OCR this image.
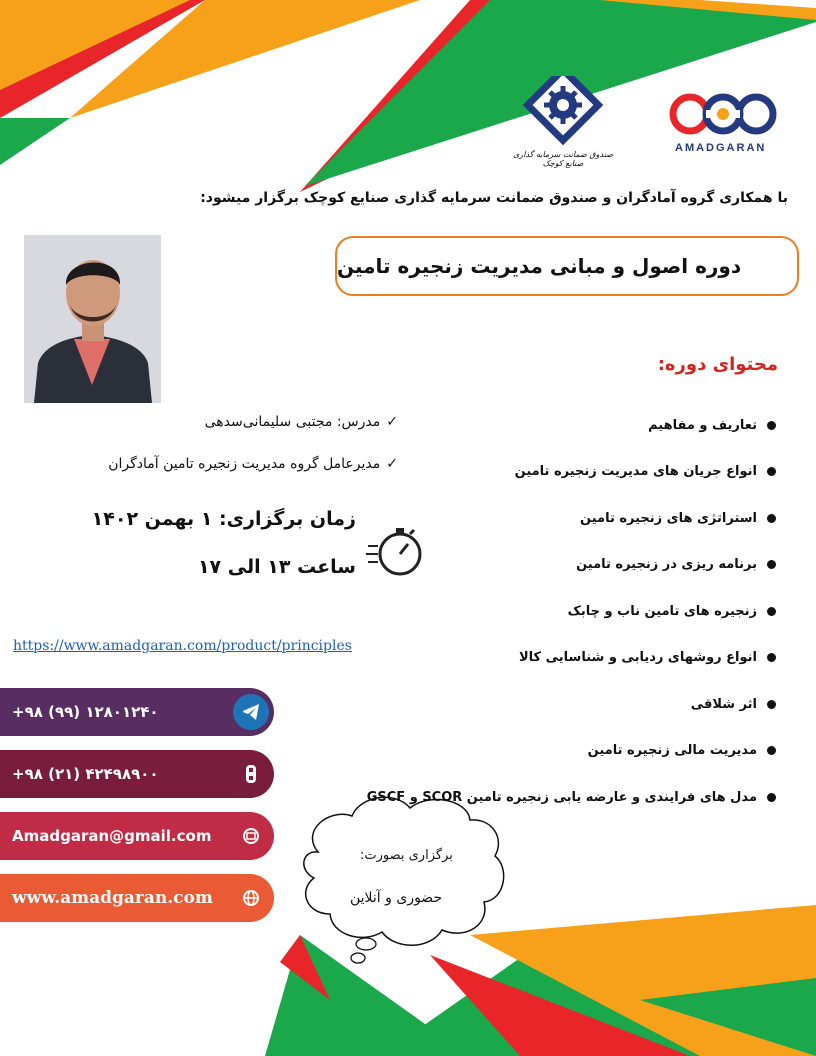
AMADGARAN
صندوق ضمانت سرمایه گذاری صنایع کوچک
با همکاری گروه آمادگران و صندوق ضمانت سرمایه گذاری صنایع کوچک برگزار میشود:
دوره اصول و مبانی مدیریت زنجیره تامین
✓مدرس: مجتبی سلیمانی‌سدهی
✓مدیرعامل گروه مدیریت زنجیره تامین آمادگران
زمان برگزاری: ۱ بهمن ۱۴۰۲
ساعت ۱۳ الی ۱۷
https://www.amadgaran.com/product/principles
محتوای دوره:
تعاریف و مفاهیم
انواع جریان های مدیریت زنجیره تامین
استراتژی های زنجیره تامین
برنامه ریزی در زنجیره تامین
زنجیره های تامین ناب و چابک
انواع روشهای ردیابی و شناسایی کالا
اثر شلاقی
مدیریت مالی زنجیره تامین
مدل های فرایندی و عارضه یابی زنجیره تامین SCOR و GSCF
+۹۸ (۹۹) ۱۲۸۰۱۲۴۰
+۹۸ (۲۱) ۴۲۴۹۸۹۰۰
Amadgaran@gmail.com
www.amadgaran.com
برگزاری بصورت:
حضوری و آنلاین
